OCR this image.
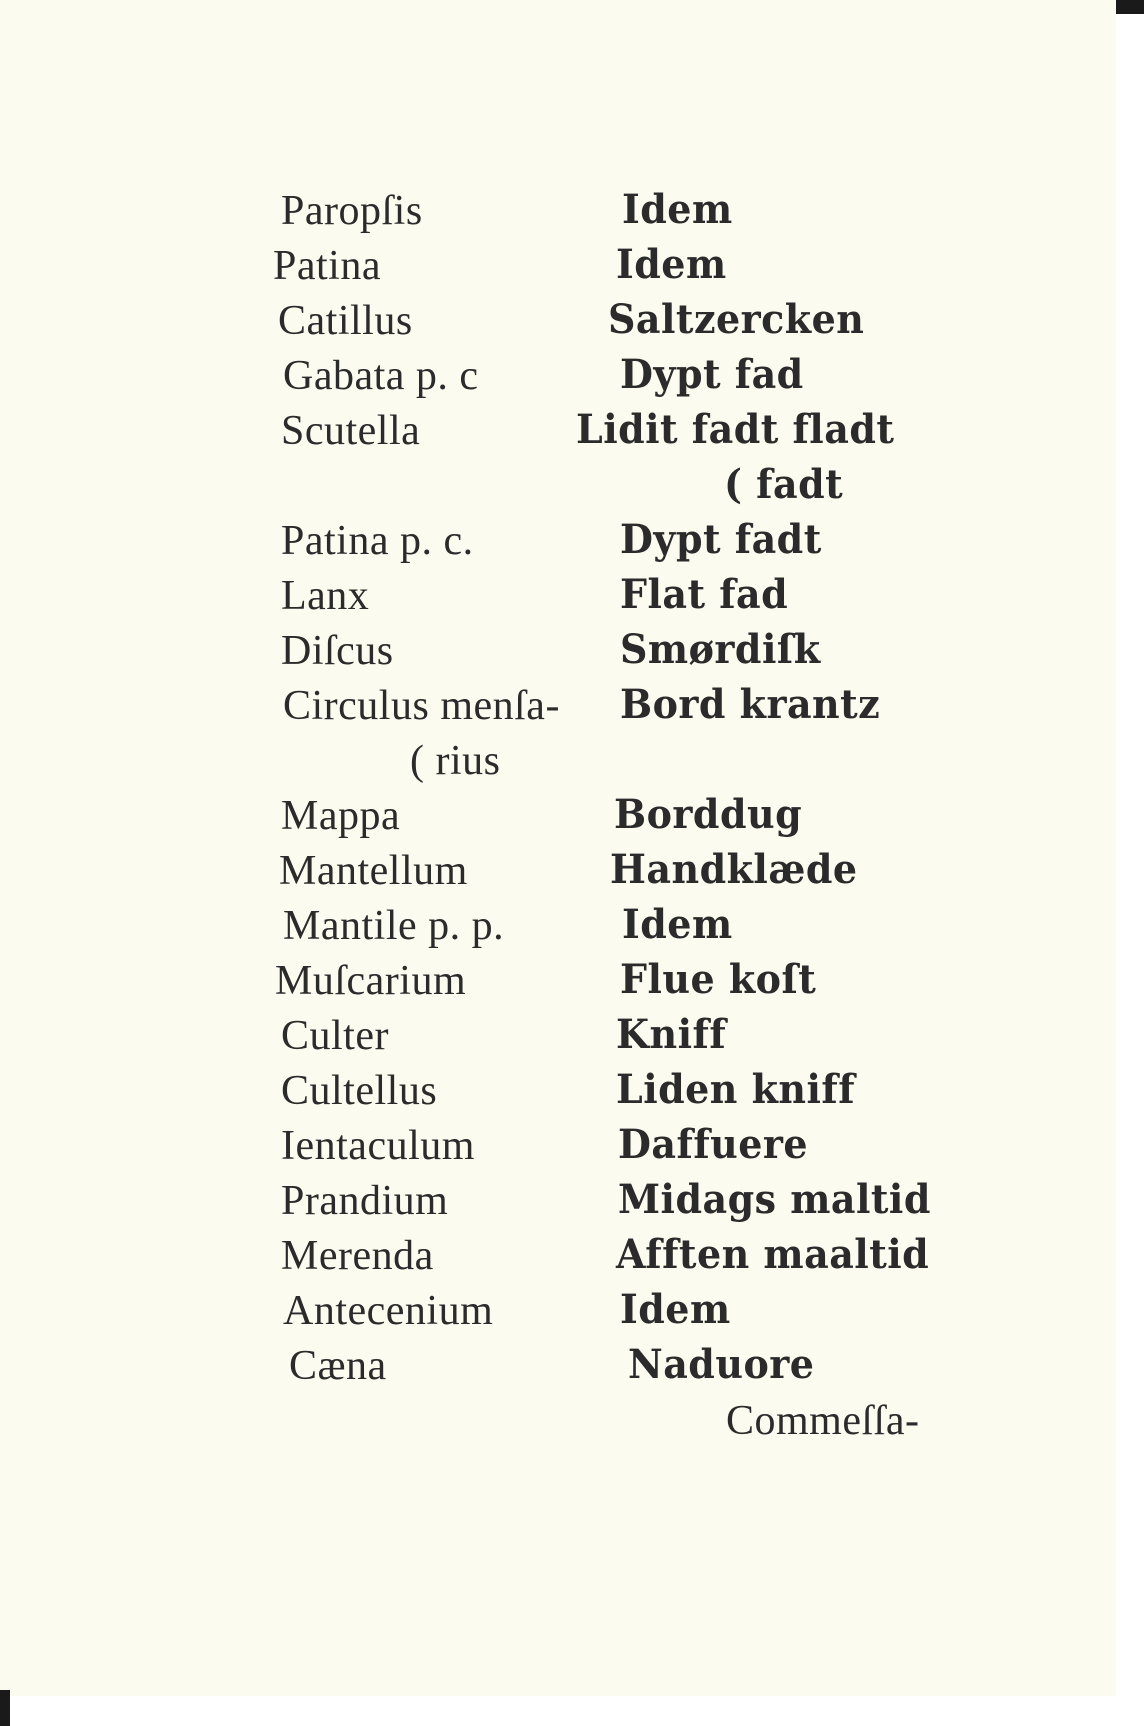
Paropſis
Patina
Catillus
Gabata p. c
Scutella
Patina p. c.
Lanx
Diſcus
Circulus menſa-
( rius
Mappa
Mantellum
Mantile p. p.
Muſcarium
Culter
Cultellus
Ientaculum
Prandium
Merenda
Antecenium
Cæna
Idem
Idem
Saltzercken
Dypt fad
Lidit fadt fladt
( fadt
Dypt fadt
Flat fad
Smørdiſk
Bord krantz
Borddug
Handklæde
Idem
Flue koſt
Kniff
Liden kniff
Daffuere
Midags maltid
Afften maaltid
Idem
Naduore
Commeſſa-
